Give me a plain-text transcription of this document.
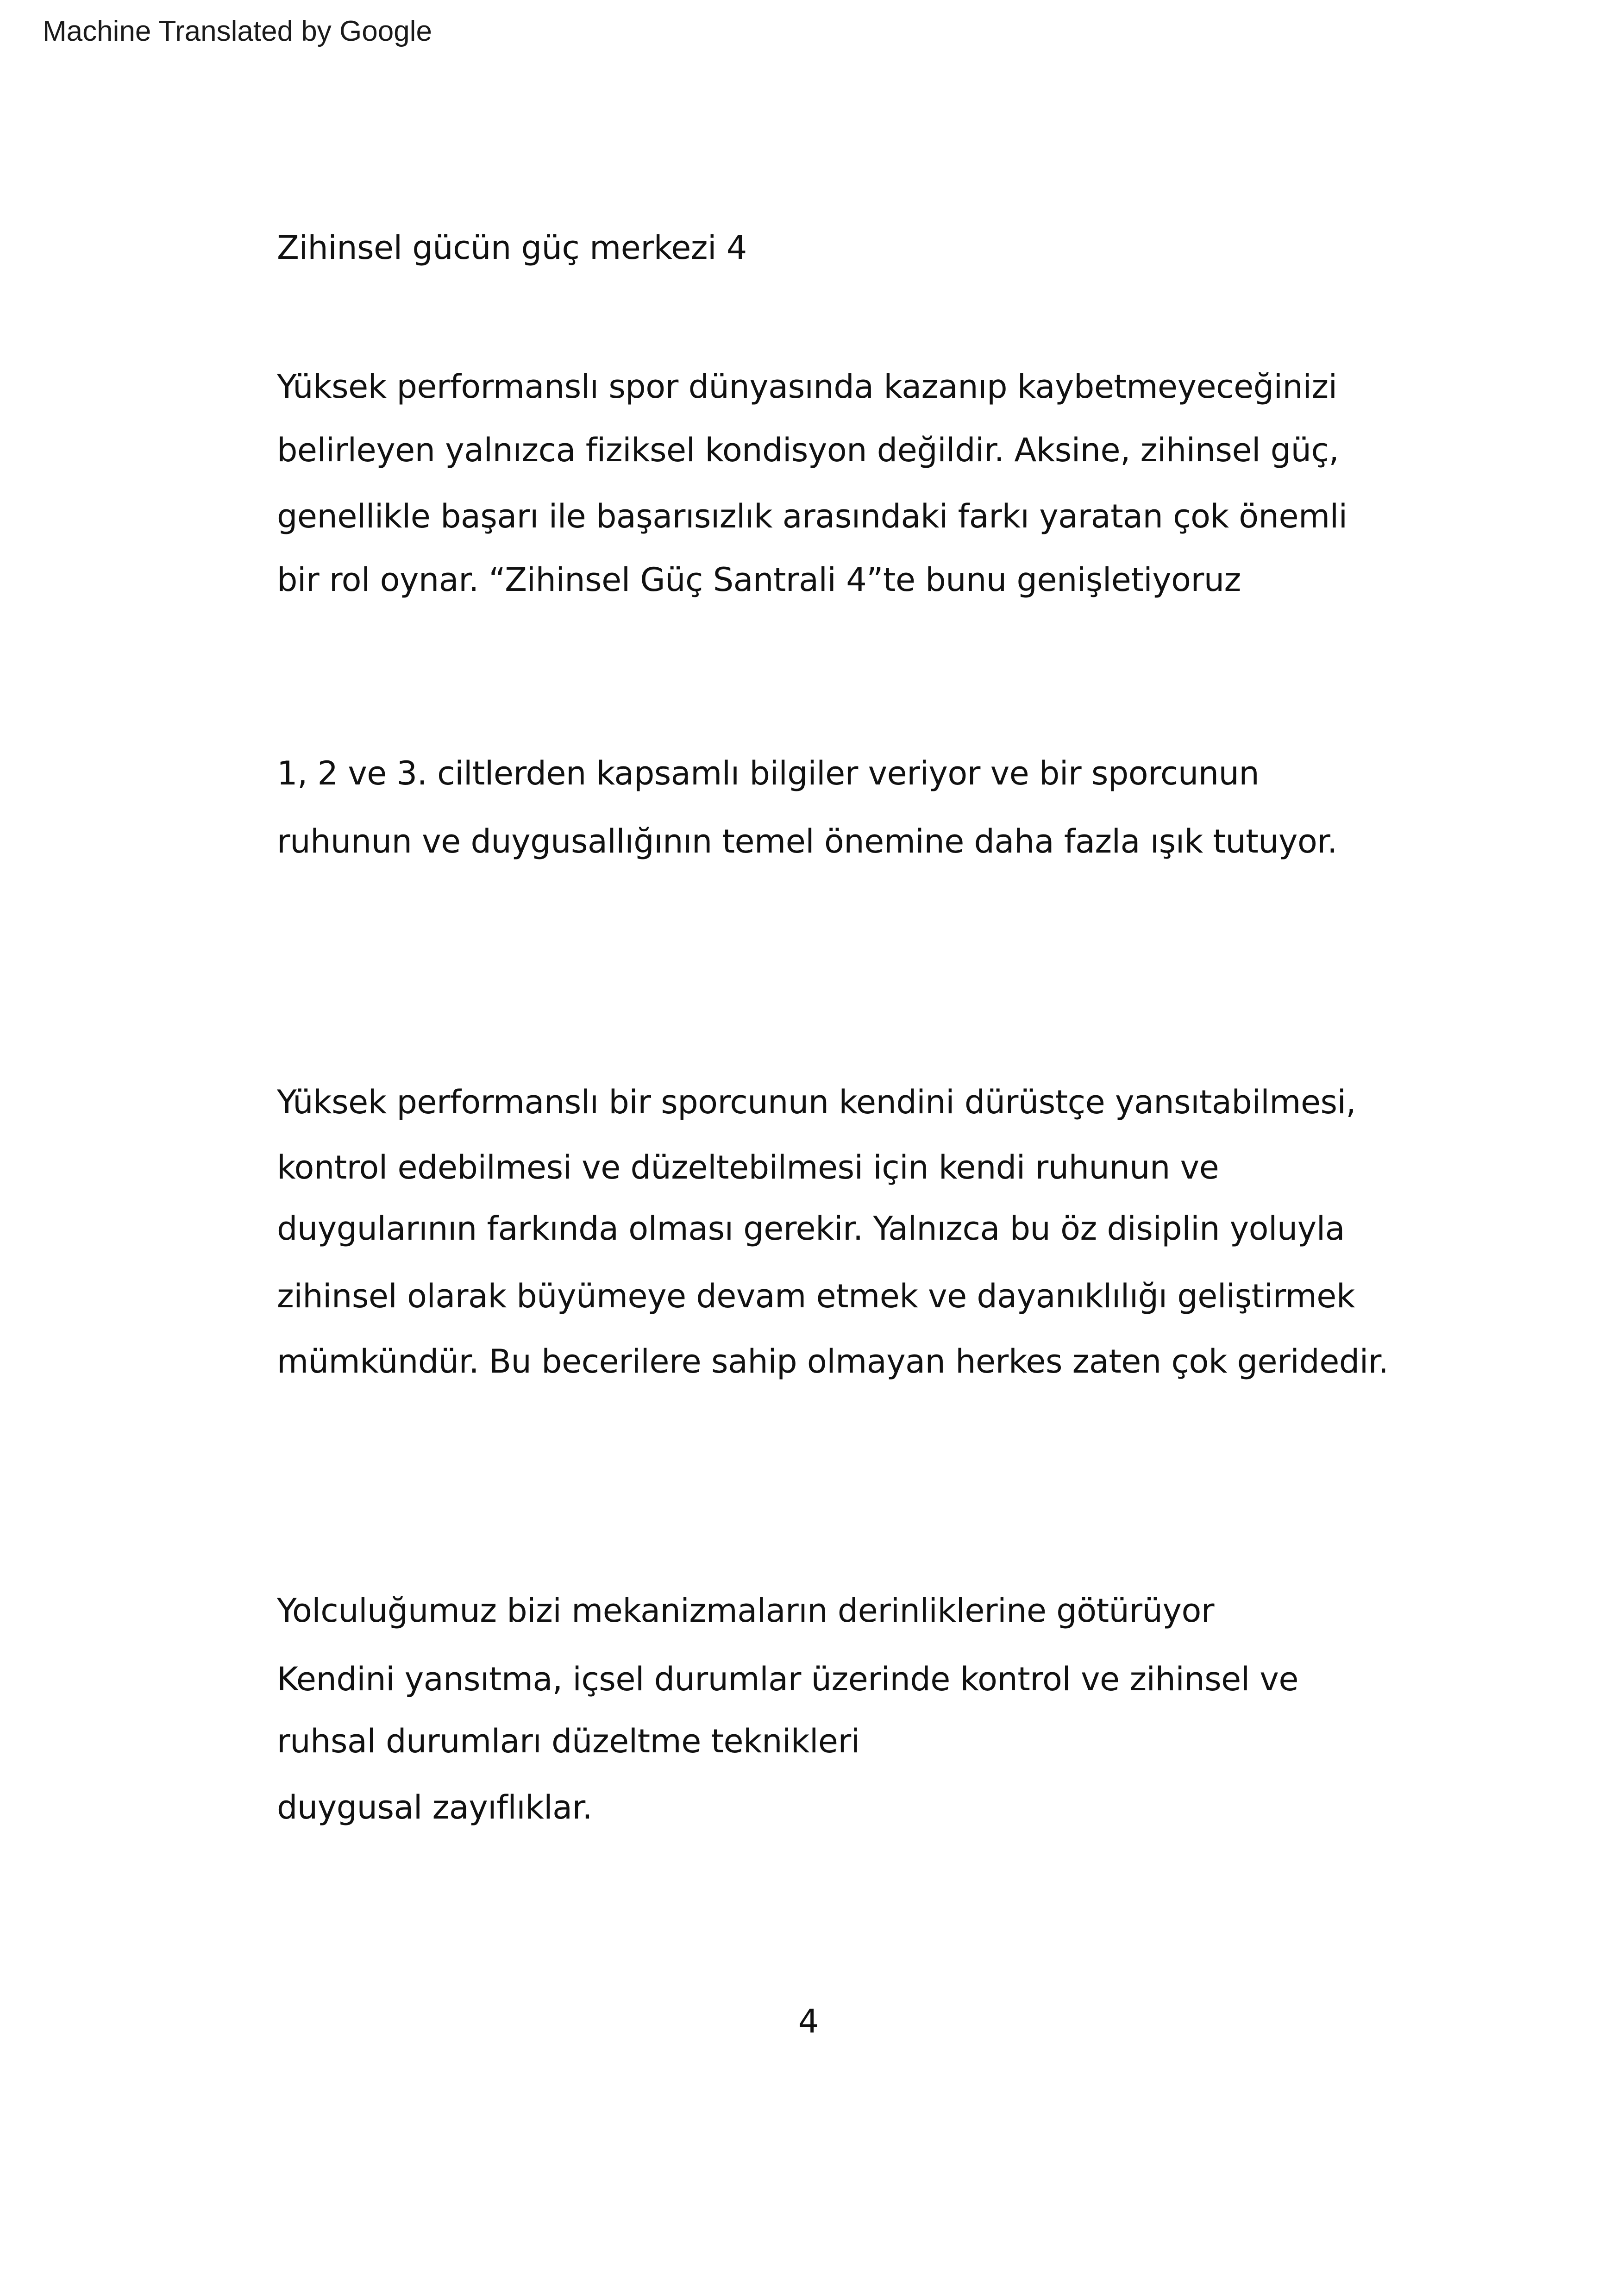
Machine Translated by Google
Zihinsel gücün güç merkezi 4
Yüksek performanslı spor dünyasında kazanıp kaybetmeyeceğinizi
belirleyen yalnızca fiziksel kondisyon değildir. Aksine, zihinsel güç,
genellikle başarı ile başarısızlık arasındaki farkı yaratan çok önemli
bir rol oynar. “Zihinsel Güç Santrali 4”te bunu genişletiyoruz
1, 2 ve 3. ciltlerden kapsamlı bilgiler veriyor ve bir sporcunun
ruhunun ve duygusallığının temel önemine daha fazla ışık tutuyor.
Yüksek performanslı bir sporcunun kendini dürüstçe yansıtabilmesi,
kontrol edebilmesi ve düzeltebilmesi için kendi ruhunun ve
duygularının farkında olması gerekir. Yalnızca bu öz disiplin yoluyla
zihinsel olarak büyümeye devam etmek ve dayanıklılığı geliştirmek
mümkündür. Bu becerilere sahip olmayan herkes zaten çok geridedir.
Yolculuğumuz bizi mekanizmaların derinliklerine götürüyor
Kendini yansıtma, içsel durumlar üzerinde kontrol ve zihinsel ve
ruhsal durumları düzeltme teknikleri
duygusal zayıflıklar.
4
